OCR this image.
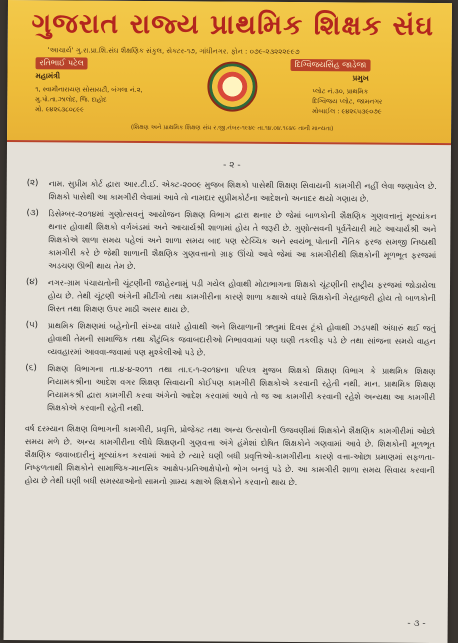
ગુજરાત રાજ્ય પ્રાથમિક શિક્ષક સંઘ
'આચાર્ય' ગુ.રા.પ્રા.શિ.સંઘ શૈક્ષણિક સંકુલ, સેક્ટર-૧૭, ગાંધીનગર. ફોન : ૦૭૯-૨૩૨૨૨૯૯૭
રતિભાઈ પટેલ
મહામંત્રી
૧, સ્વામીનારાયણ સોસાયટી, બંગલા નં.૨,
મુ.પો.તા.ઝાલોદ, જિ. દાહોદ
મો. ૯૪૨૬૩૮૦૮૯૯
દિગ્વિજયસિંહ જાડેજા
પ્રમુખ
પ્લોટ નં.૩૦, પ્રાથમિક
દિગ્વિજય પ્લોટ, જામનગર
મોબાઈલ : ૯૪૨૬૫૩૯૦૭૯
(શિક્ષણ અને પ્રાથમિક શિક્ષણ સંઘ ર.જી.નંબર-૧૯૪૯ તા.૧૪.૦૪.૧૯૪૯ તાની માન્યતા)
- ૨ -
(૨)	નામ. સુપ્રીમ કોર્ટ દ્વારા આર.ટી.ઈ. એક્ટ-૨૦૦૯ મુજબ શિક્ષકો પાસેથી શિક્ષણ સિવાયની કામગીરી નહીં લેવા જણાવેલ છે. શિક્ષકો પાસેથી આ કામગીરી લેવામાં આવે તો નામદાર સુપ્રીમકોર્ટના આદેશનો અનાદર થયો ગણાય છે.
(૩)	ડિસેમ્બર-૨૦૧૪માં ગુણોત્સવનું આયોજન શિક્ષણ વિભાગ દ્વારા થનાર છે જેમાં બાળકોની શૈક્ષણિક ગુણવત્તાનું મૂલ્યાંકન થનાર હોવાથી શિક્ષકો વર્ગખંડમાં અને આચાર્યશ્રી શાળામાં હોય તે જરૂરી છે. ગુણોત્સવની પૂર્વતૈયારી માટે આચાર્યશ્રી અને શિક્ષકોએ શાળા સમય પહેલાં અને શાળા સમય બાદ પણ સ્ટેચ્ચિક અને સ્વયંભૂ પોતાની નૈતિક ફરજ સમજી નિષ્ઠાથી કામગીરી કરે છે જેથી શાળાની શૈક્ષણિક ગુણવત્તાનો ગ્રાફ ઊંચો આવે જેમાં આ કામગીરીથી શિક્ષકોની મૂળભૂત ફરજમાં અડચણ ઊભી થાય તેમ છે.
(૪)	નગર-ગ્રામ પંચાયતોની ચૂંટણીની જાહેરનામું પડી ગયેલ હોવાથી મોટાભાગના શિક્ષકો ચૂંટણીની રાષ્ટ્રીય ફરજમાં જોડાયેલા હોય છે. તેથી ચૂંટણી અંગેની મીટીંગો તથા કામગીરીના કારણે શાળા કક્ષાએ વધારે શિક્ષકોની ગેરહાજરી હોય તો બાળકોની શિસ્ત તથા શિક્ષણ ઉપર માઠી અસર થાય છે.
(૫)	પ્રાથમિક શિક્ષણમાં બહેનોની સંખ્યા વધારે હોવાથી અને શિયાળાની ઋતુમાં દિવસ ટૂંકો હોવાથી ઝડપથી અંધારું થઈ જતું હોવાથી તેમની સામાજિક તથા કૌટુંબિક જવાબદારીઓ નિભાવવામાં પણ ઘણી તકલીફ પડે છે તથા સાંજના સમયે વાહન વ્યવહારમાં આવવા-જવામાં પણ મુશ્કેલીઓ પડે છે.
(૬)	શિક્ષણ વિભાગના તા.૪-૪-૨૦૧૧ તથા તા.૬-૧-૨૦૧૪ના પરિપત્ર મુજબ શિક્ષકો શિક્ષણ વિભાગ કે પ્રાથમિક શિક્ષણ નિયામકશ્રીના આદેશ વગર શિક્ષણ સિવાયની કોઈપણ કામગીરી શિક્ષકોએ કરવાની રહેતી નથી. માન. પ્રાથમિક શિક્ષણ નિયામકશ્રી દ્વારા કામગીરી કરવા અંગેનો આદેશ કરવામાં આવે તો જ આ કામગીરી કરવાની રહેશે અન્યથા આ કામગીરી શિક્ષકોએ કરવાની રહેતી નથી.
વર્ષ દરમ્યાન શિક્ષણ વિભાગની કામગીરી, પ્રવૃત્તિ, પ્રોજેક્ટ તથા અન્ય ઉત્સવોની ઉજવણીમાં શિક્ષકોને શૈક્ષણિક કામગીરીમાં ઓછો સમય મળે છે. અન્ય કામગીરીના લીધે શિક્ષણની ગુણવત્તા અંગે હંમેશાં દોષિત શિક્ષકોને ગણવામાં આવે છે. શિક્ષકોની મૂળભૂત શૈક્ષણિક જવાબદારીનું મૂલ્યાંકન કરવામાં આવે છે ત્યારે ઘણી બધી પ્રવૃત્તિઓ-કામગીરીના કારણે વત્તા-ઓછા પ્રમાણમાં સફળતા-નિષ્ફળતાથી શિક્ષકોને સામાજિક-માનસિક આક્ષેપ-પ્રતિઆક્ષેપોનો ભોગ બનવું પડે છે. આ કામગીરી શાળા સમય સિવાય કરવાની હોય છે તેથી ઘણી બધી સમસ્યાઓનો સામનો ગ્રામ્ય કક્ષાએ શિક્ષકોને કરવાનો થાય છે.
- ૩ -
